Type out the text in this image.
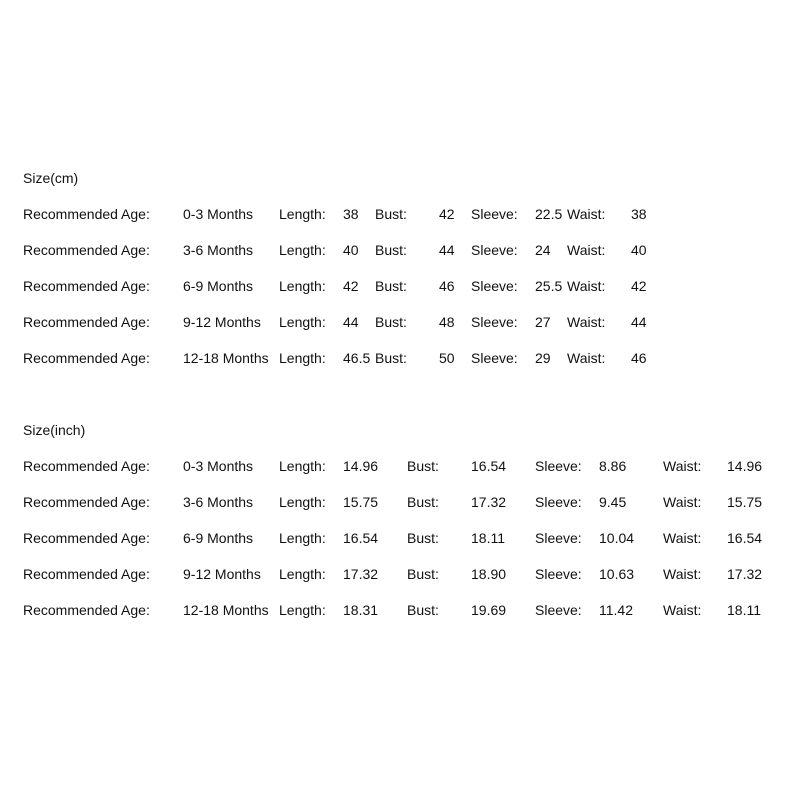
Size(cm)
Recommended Age: 0-3 Months Length: 38 Bust: 42 Sleeve: 22.5 Waist: 38
Recommended Age: 3-6 Months Length: 40 Bust: 44 Sleeve: 24 Waist: 40
Recommended Age: 6-9 Months Length: 42 Bust: 46 Sleeve: 25.5 Waist: 42
Recommended Age: 9-12 Months Length: 44 Bust: 48 Sleeve: 27 Waist: 44
Recommended Age: 12-18 Months Length: 46.5 Bust: 50 Sleeve: 29 Waist: 46
Size(inch)
Recommended Age: 0-3 Months Length: 14.96 Bust: 16.54 Sleeve: 8.86	Waist: 14.96
Recommended Age: 3-6 Months Length: 15.75 Bust: 17.32 Sleeve: 9.45	Waist: 15.75
Recommended Age: 6-9 Months Length: 16.54 Bust: 18.11 Sleeve: 10.04 Waist: 16.54
Recommended Age: 9-12 Months Length: 17.32 Bust: 18.90 Sleeve: 10.63 Waist: 17.32
Recommended Age: 12-18 Months Length: 18.31 Bust: 19.69 Sleeve: 11.42 Waist: 18.11
